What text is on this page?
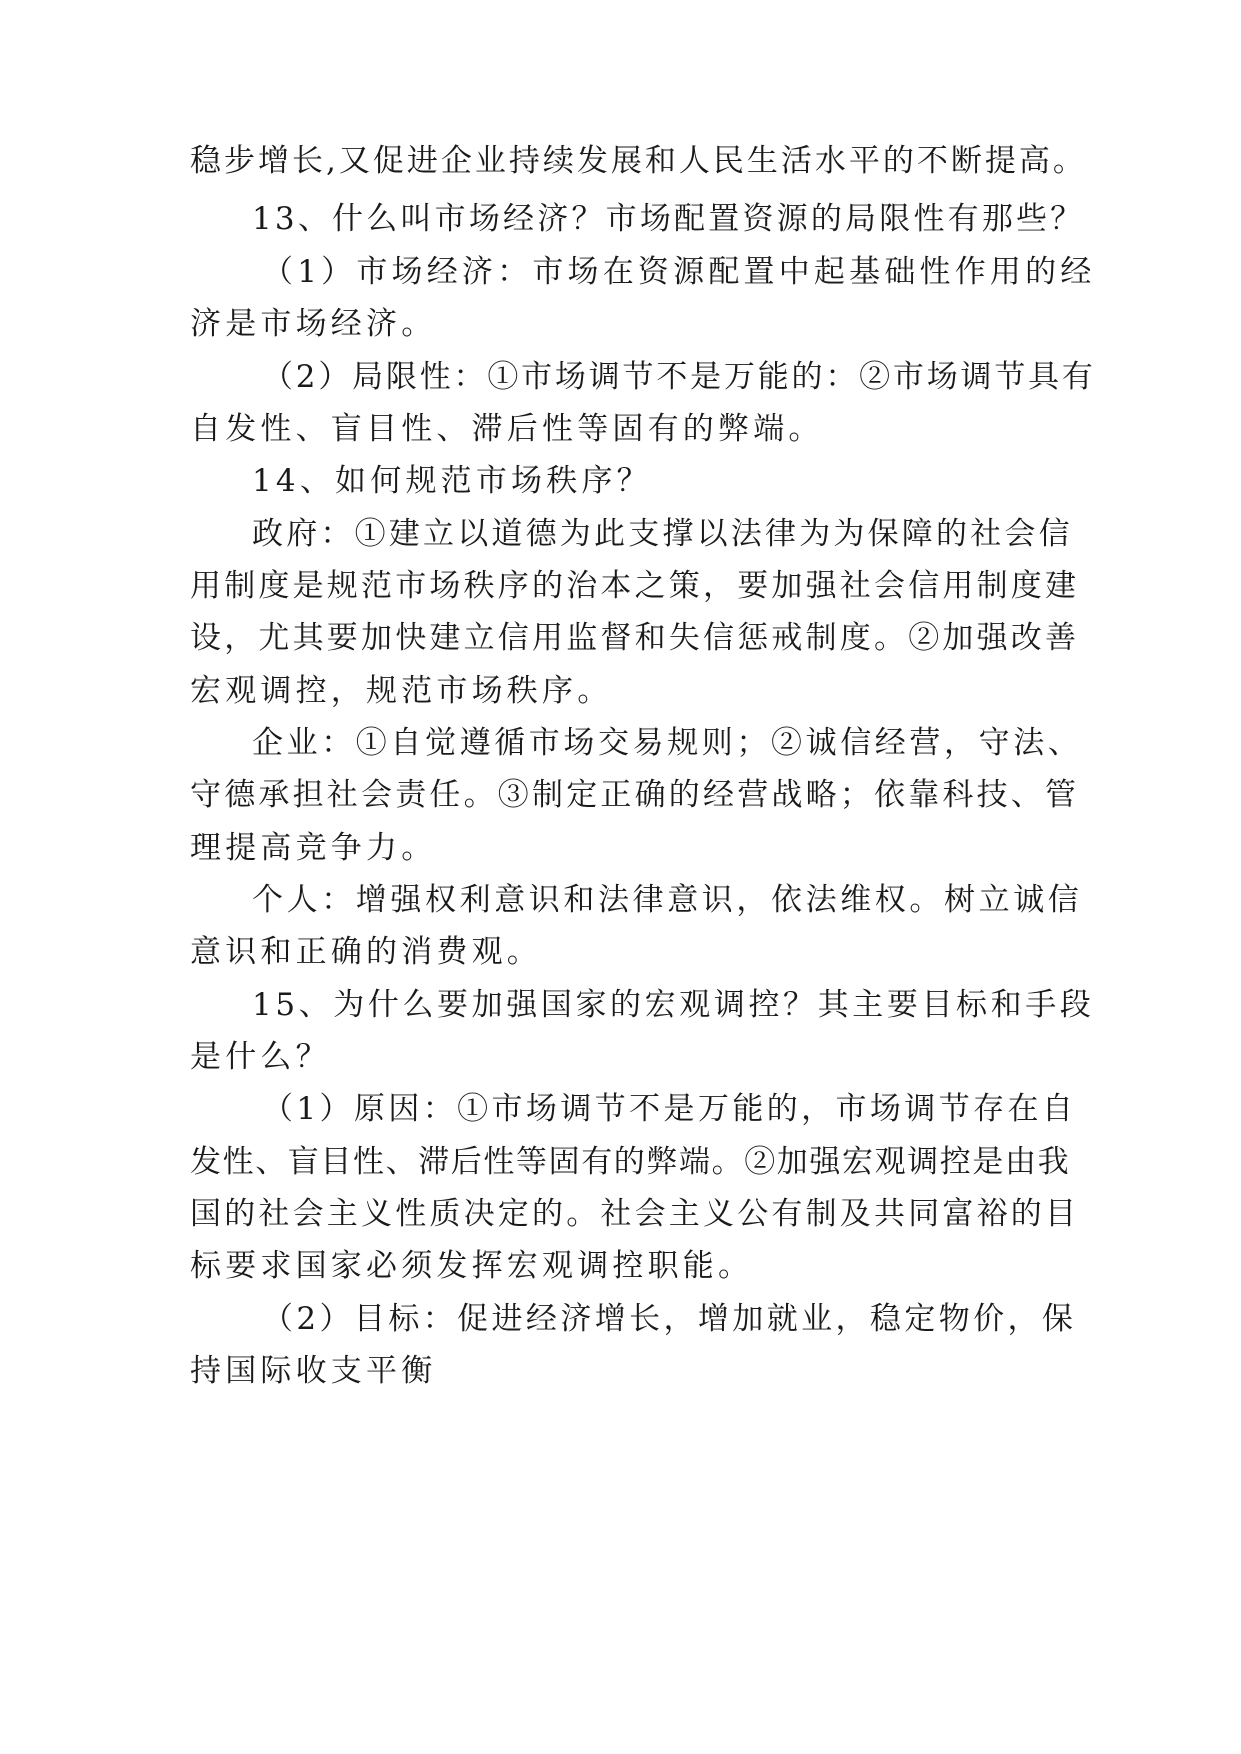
稳步增长,又促进企业持续发展和人民生活水平的不断提高。
13、什么叫市场经济？市场配置资源的局限性有那些？
（1）市场经济：市场在资源配置中起基础性作用的经
济是市场经济。
（2）局限性：①市场调节不是万能的：②市场调节具有
自发性、盲目性、滞后性等固有的弊端。
14、如何规范市场秩序？
政府：①建立以道德为此支撑以法律为为保障的社会信
用制度是规范市场秩序的治本之策，要加强社会信用制度建
设，尤其要加快建立信用监督和失信惩戒制度。②加强改善
宏观调控，规范市场秩序。
企业：①自觉遵循市场交易规则；②诚信经营，守法、
守德承担社会责任。③制定正确的经营战略；依靠科技、管
理提高竞争力。
个人：增强权利意识和法律意识，依法维权。树立诚信
意识和正确的消费观。
15、为什么要加强国家的宏观调控？其主要目标和手段
是什么？
（1）原因：①市场调节不是万能的，市场调节存在自
发性、盲目性、滞后性等固有的弊端。②加强宏观调控是由我
国的社会主义性质决定的。社会主义公有制及共同富裕的目
标要求国家必须发挥宏观调控职能。
（2）目标：促进经济增长，增加就业，稳定物价，保
持国际收支平衡
